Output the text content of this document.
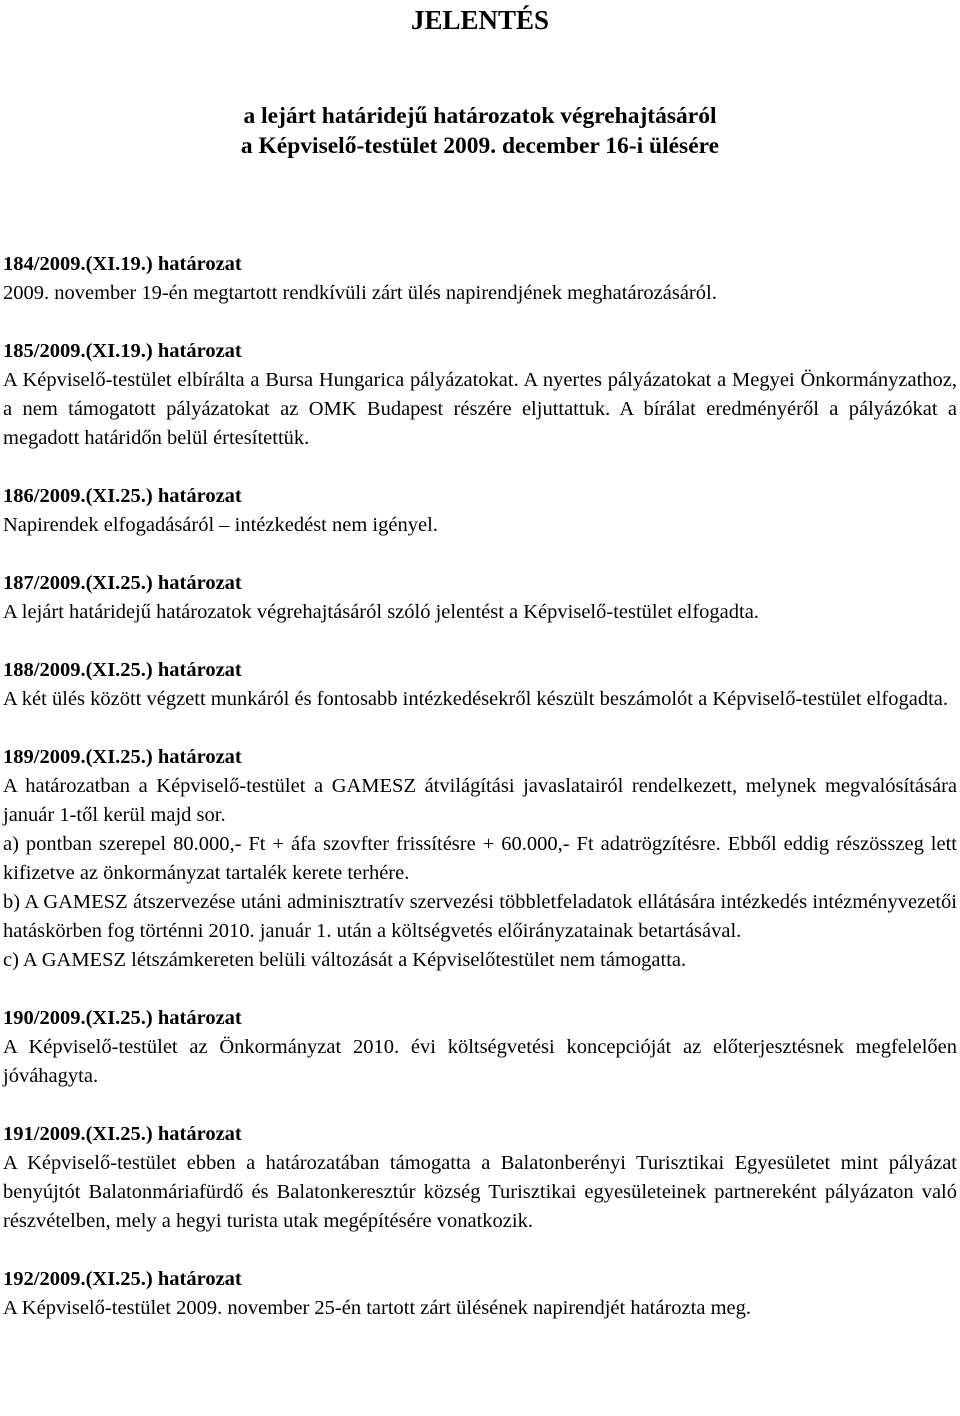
JELENTÉS
a lejárt határidejű határozatok végrehajtásáról
a Képviselő-testület 2009. december 16-i ülésére
184/2009.(XI.19.) határozat

2009. november 19-én megtartott rendkívüli zárt ülés napirendjének meghatározásáról.

185/2009.(XI.19.) határozat

A Képviselő-testület elbírálta a Bursa Hungarica pályázatokat. A nyertes pályázatokat a Megyei Önkormányzathoz, a nem támogatott pályázatokat az OMK Budapest részére eljuttattuk. A bírálat eredményéről a pályázókat a megadott határidőn belül értesítettük.

186/2009.(XI.25.) határozat

Napirendek elfogadásáról – intézkedést nem igényel.

187/2009.(XI.25.) határozat

A lejárt határidejű határozatok végrehajtásáról szóló jelentést a Képviselő-testület elfogadta.

188/2009.(XI.25.) határozat

A két ülés között végzett munkáról és fontosabb intézkedésekről készült beszámolót a Képviselő-testület elfogadta.

189/2009.(XI.25.) határozat

A határozatban a Képviselő-testület a GAMESZ átvilágítási javaslatairól rendelkezett, melynek megvalósítására január 1-től kerül majd sor.

a) pontban szerepel 80.000,- Ft + áfa szovfter frissítésre + 60.000,- Ft adatrögzítésre. Ebből eddig részösszeg lett kifizetve az önkormányzat tartalék kerete terhére.

b) A GAMESZ átszervezése utáni adminisztratív szervezési többletfeladatok ellátására intézkedés intézményvezetői hatáskörben fog történni 2010. január 1. után a költségvetés előirányzatainak betartásával.

c) A GAMESZ létszámkereten belüli változását a Képviselőtestület nem támogatta.

190/2009.(XI.25.) határozat

A Képviselő-testület az Önkormányzat 2010. évi költségvetési koncepcióját az előterjesztésnek megfelelően jóváhagyta.

191/2009.(XI.25.) határozat

A Képviselő-testület ebben a határozatában támogatta a Balatonberényi Turisztikai Egyesületet mint pályázat benyújtót Balatonmáriafürdő és Balatonkeresztúr község Turisztikai egyesületeinek partnereként pályázaton való részvételben, mely a hegyi turista utak megépítésére vonatkozik.

192/2009.(XI.25.) határozat

A Képviselő-testület 2009. november 25-én tartott zárt ülésének napirendjét határozta meg.
